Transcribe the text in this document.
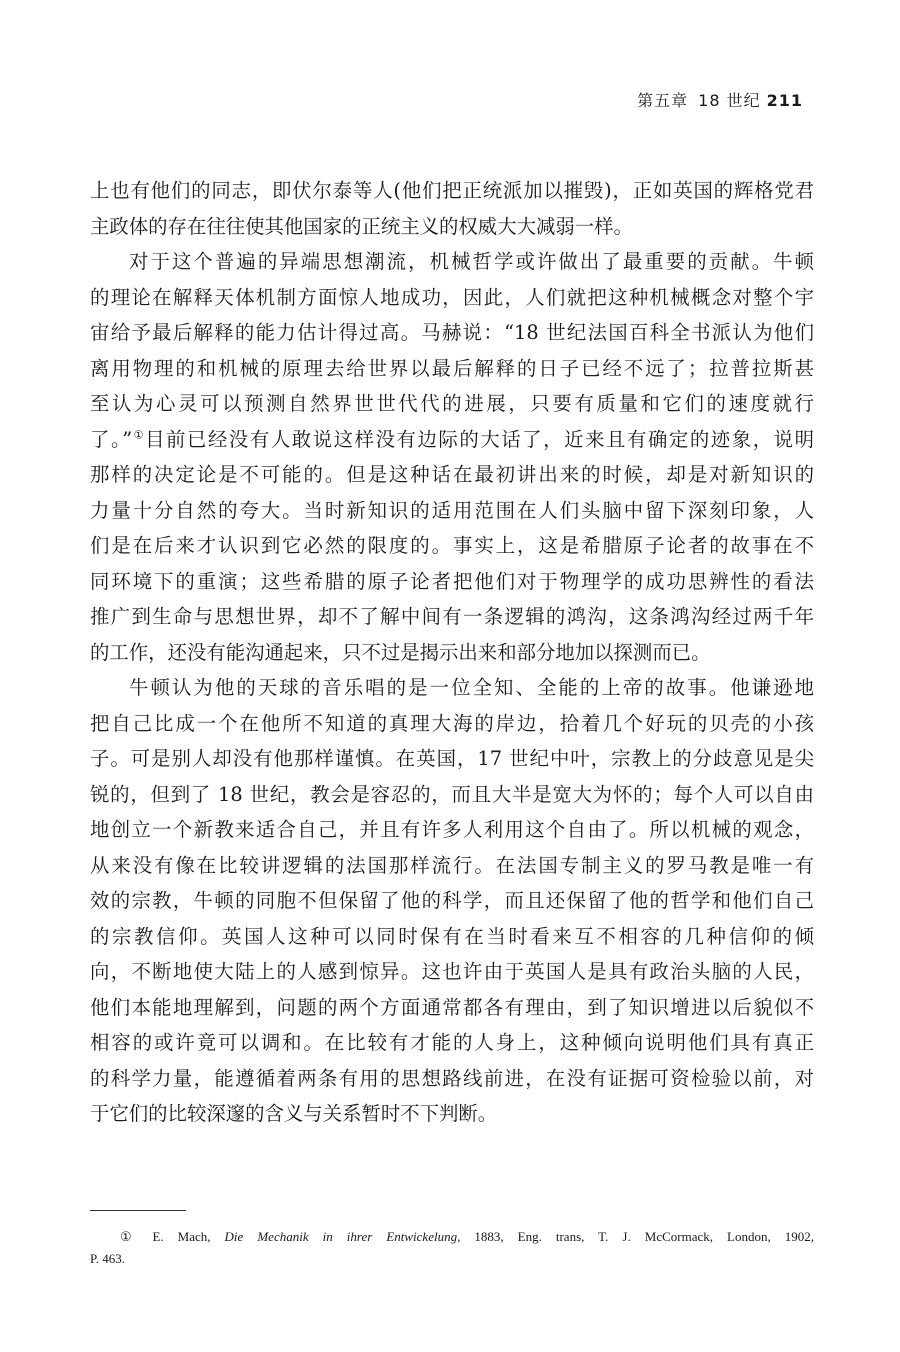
第五章 18 世纪 211
上也有他们的同志，即伏尔泰等人(他们把正统派加以摧毁)，正如英国的辉格党君
主政体的存在往往使其他国家的正统主义的权威大大减弱一样。
对于这个普遍的异端思想潮流，机械哲学或许做出了最重要的贡献。牛顿
的理论在解释天体机制方面惊人地成功，因此，人们就把这种机械概念对整个宇
宙给予最后解释的能力估计得过高。马赫说：“18 世纪法国百科全书派认为他们
离用物理的和机械的原理去给世界以最后解释的日子已经不远了；拉普拉斯甚
至认为心灵可以预测自然界世世代代的进展，只要有质量和它们的速度就行
了。”①目前已经没有人敢说这样没有边际的大话了，近来且有确定的迹象，说明
那样的决定论是不可能的。但是这种话在最初讲出来的时候，却是对新知识的
力量十分自然的夸大。当时新知识的适用范围在人们头脑中留下深刻印象，人
们是在后来才认识到它必然的限度的。事实上，这是希腊原子论者的故事在不
同环境下的重演；这些希腊的原子论者把他们对于物理学的成功思辨性的看法
推广到生命与思想世界，却不了解中间有一条逻辑的鸿沟，这条鸿沟经过两千年
的工作，还没有能沟通起来，只不过是揭示出来和部分地加以探测而已。
牛顿认为他的天球的音乐唱的是一位全知、全能的上帝的故事。他谦逊地
把自己比成一个在他所不知道的真理大海的岸边，拾着几个好玩的贝壳的小孩
子。可是别人却没有他那样谨慎。在英国，17 世纪中叶，宗教上的分歧意见是尖
锐的，但到了 18 世纪，教会是容忍的，而且大半是宽大为怀的；每个人可以自由
地创立一个新教来适合自己，并且有许多人利用这个自由了。所以机械的观念，
从来没有像在比较讲逻辑的法国那样流行。在法国专制主义的罗马教是唯一有
效的宗教，牛顿的同胞不但保留了他的科学，而且还保留了他的哲学和他们自己
的宗教信仰。英国人这种可以同时保有在当时看来互不相容的几种信仰的倾
向，不断地使大陆上的人感到惊异。这也许由于英国人是具有政治头脑的人民，
他们本能地理解到，问题的两个方面通常都各有理由，到了知识增进以后貌似不
相容的或许竟可以调和。在比较有才能的人身上，这种倾向说明他们具有真正
的科学力量，能遵循着两条有用的思想路线前进，在没有证据可资检验以前，对
于它们的比较深邃的含义与关系暂时不下判断。
① E. Mach, Die Mechanik in ihrer Entwickelung, 1883, Eng. trans, T. J. McCormack, London, 1902,
P. 463.
